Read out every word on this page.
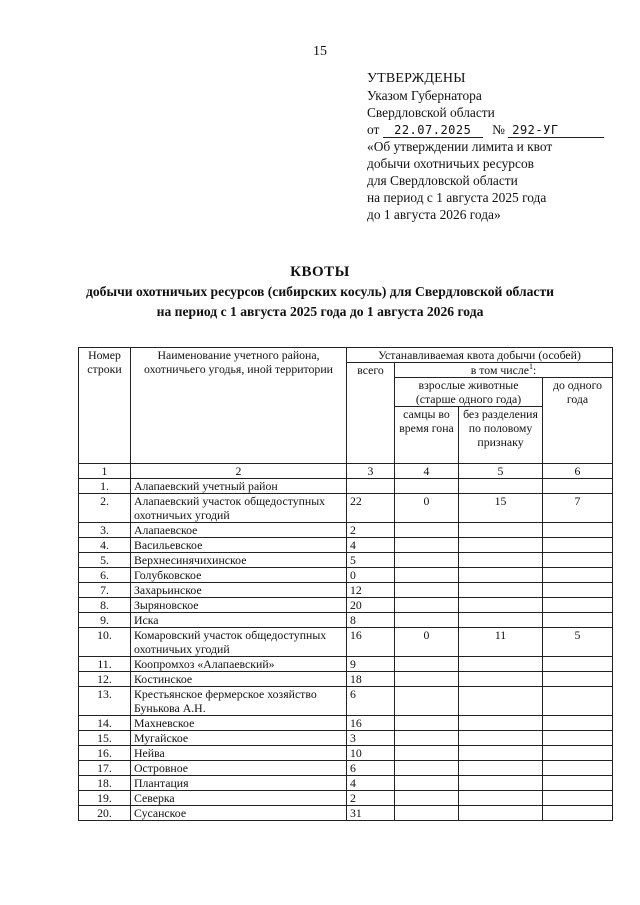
15
УТВЕРЖДЕНЫ
Указом Губернатора
Свердловской области
от 22.07.2025 № 292-УГ
«Об утверждении лимита и квот
добычи охотничьих ресурсов
для Свердловской области
на период с 1 августа 2025 года
до 1 августа 2026 года»
КВОТЫ
добычи охотничьих ресурсов (сибирских косуль) для Свердловской области
на период с 1 августа 2025 года до 1 августа 2026 года
Номер строки	Наименование учетного района, охотничьего угодья, иной территории	Устанавливаемая квота добычи (особей)			
		всего	в том числе$^1$:		
			взрослые животные (старше одного года)		до одного года
			самцы во время гона	без разделения по половому признаку	
1	2	3	4	5	6
1.	Алапаевский учетный район				
2.	Алапаевский участок общедоступных охотничьих угодий	22	0	15	7
3.	Алапаевское	2			
4.	Васильевское	4			
5.	Верхнесинячихинское	5			
6.	Голубковское	0			
7.	Захарьинское	12			
8.	Зыряновское	20			
9.	Иска	8			
10.	Комаровский участок общедоступных охотничьих угодий	16	0	11	5
11.	Коопромхоз «Алапаевский»	9			
12.	Костинское	18			
13.	Крестьянское фермерское хозяйство Бунькова А.Н.	6			
14.	Махневское	16			
15.	Мугайское	3			
16.	Нейва	10			
17.	Островное	6			
18.	Плантация	4			
19.	Северка	2			
20.	Сусанское	31			
